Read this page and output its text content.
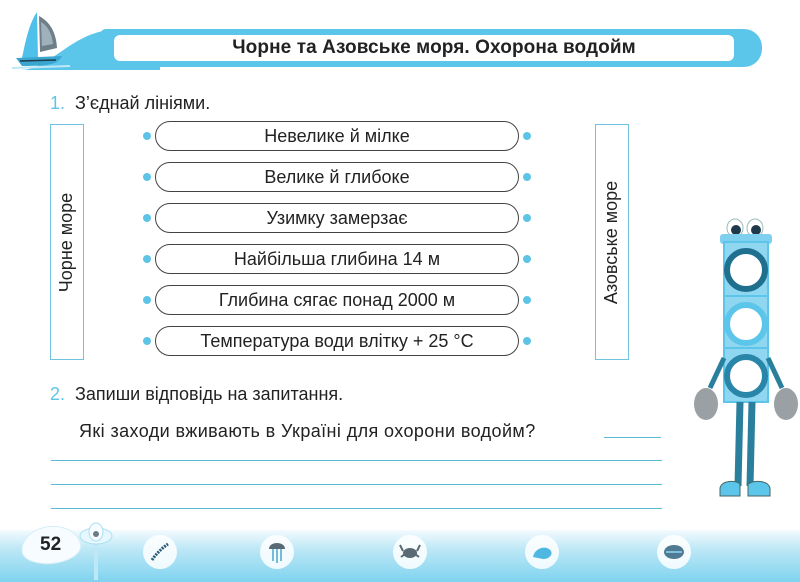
Чорне та Азовське моря. Охорона водойм
1. З’єднай лініями.
Чорне море	Азовське море
Невелике й мілке
Велике й глибоке
Узимку замерзає
Найбільша глибина 14 м
Глибина сягає понад 2000 м
Температура води влітку + 25 °С
2. Запиши відповідь на запитання.
Які заходи вживають в Україні для охорони водойм?
52
